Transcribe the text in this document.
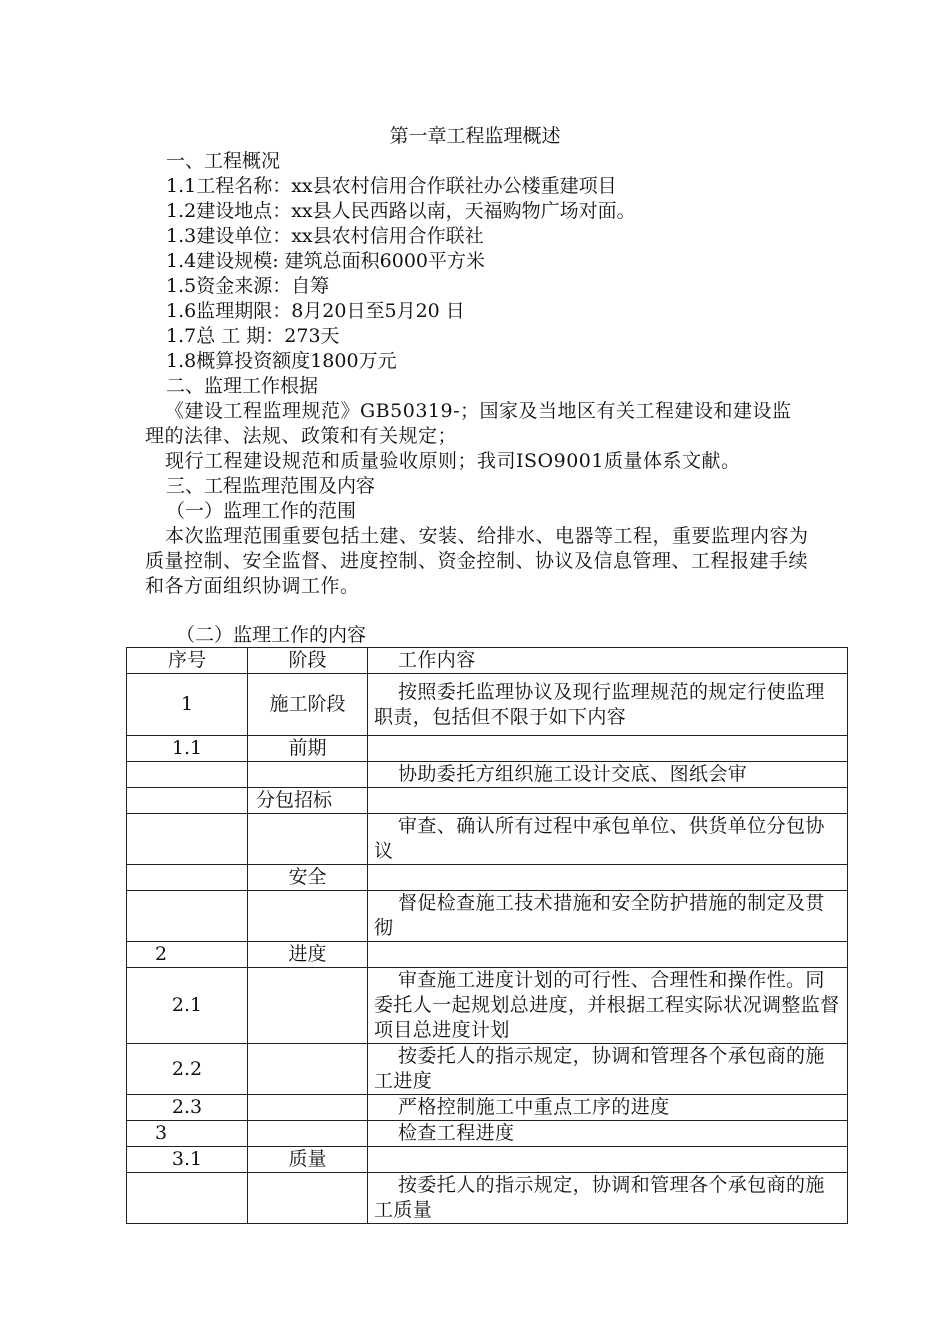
第一章工程监理概述
一、工程概况
1.1工程名称：xx县农村信用合作联社办公楼重建项目
1.2建设地点：xx县人民西路以南，天福购物广场对面。
1.3建设单位：xx县农村信用合作联社
1.4建设规模: 建筑总面积6000平方米
1.5资金来源：自筹
1.6监理期限：8月20日至5月20 日
1.7总 工 期：273天
1.8概算投资额度1800万元
二、监理工作根据
《建设工程监理规范》GB50319-；国家及当地区有关工程建设和建设监理的法律、法规、政策和有关规定；
现行工程建设规范和质量验收原则；我司ISO9001质量体系文献。
三、工程监理范围及内容
（一）监理工作的范围
本次监理范围重要包括土建、安装、给排水、电器等工程，重要监理内容为质量控制、安全监督、进度控制、资金控制、协议及信息管理、工程报建手续和各方面组织协调工作。
（二）监理工作的内容
序号	阶段	工作内容
1	施工阶段	按照委托监理协议及现行监理规范的规定行使监理职责，包括但不限于如下内容
1.1	前期	
		协助委托方组织施工设计交底、图纸会审
	分包招标	
		审查、确认所有过程中承包单位、供货单位分包协议
	安全	
		督促检查施工技术措施和安全防护措施的制定及贯彻
2	进度	
2.1		审查施工进度计划的可行性、合理性和操作性。同委托人一起规划总进度，并根据工程实际状况调整监督项目总进度计划
2.2		按委托人的指示规定，协调和管理各个承包商的施工进度
2.3		严格控制施工中重点工序的进度
3		检查工程进度
3.1	质量	
		按委托人的指示规定，协调和管理各个承包商的施工质量
